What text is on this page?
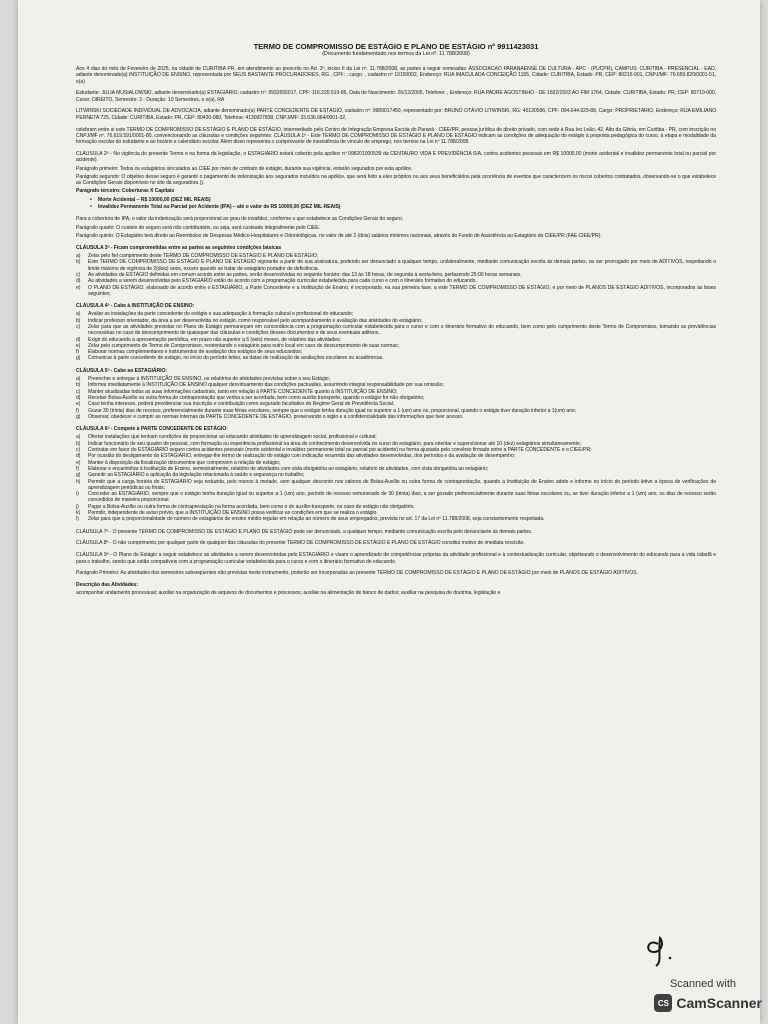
TERMO DE COMPROMISSO DE ESTÁGIO E PLANO DE ESTÁGIO nº 9911423031

(Documento fundamentado nos termos da Lei nº. 11.788/2008)

Aos 4 dias do mês de Fevereiro de 2025, na cidade de CURITIBA PR, em atendimento ao prescrito no Art. 3º, inciso II da Lei nº. 11.788/2008, as partes a seguir nomeadas: ASSOCIACAO PARANAENSE DE CULTURA - APC - (PUCPR), CAMPUS: CURITIBA - PRESENCIAL - EAD, adiante denominado(a) INSTITUIÇÃO DE ENSINO, representada por SEUS BASTANTE PROCURADORES, RG , CPF: , cargo: , cadastro nº 10150002, Endereço: RUA IMACULADA CONCEIÇÃO 1155, Cidade: CURITIBA, Estado: PR, CEP: 80215-901, CNPJ/MF: 76.659.820/0001-51, e(a)

Estudante: JULIA MUSIALOWSKI, adiante denominado(a) ESTAGIÁRIO, cadastro nº: 9932655017, CPF: 116.220.519-86, Data de Nascimento: 26/12/2005, Telefone: , Endereço: RUA PADRE AGOSTINHO - DE 1502/1503 AO FIM 1764, Cidade: CURITIBA, Estado: PR, CEP: 80710-000, Curso: DIREITO, Semestre: 3 - Duração: 10 Semestres, e o(a), RA

LITWINSKI SOCIEDADE INDIVIDUAL DE ADVOCACIA, adiante denominado(a) PARTE CONCEDENTE DE ESTÁGIO, cadastro nº: 9989017450, representado por: BRUNO OTÁVIO LITWINSKI, RG: 46130596, CPF: 004.644.929-88, Cargo: PROPRIETÁRIO, Endereço: RUA EMILIANO PERNETA 725, Cidade: CURITIBA, Estado: PR, CEP: 80420-080, Telefone: 4130927838, CNPJ/MF: 33.636.064/0001-32,

celebram entre si este TERMO DE COMPROMISSO DE ESTÁGIO E PLANO DE ESTÁGIO, intermediado pelo Centro de Integração Empresa Escola do Paraná - CIEE/PR, pessoa jurídica de direito privado, com sede à Rua Ivo Leão, 42, Alto da Glória, em Curitiba - PR, com inscrição no CNPJ/MF nº. 76.619.591/0001-80, convencionando as cláusulas e condições seguintes: CLÁUSULA 1ª - Este TERMO DE COMPROMISSO DE ESTÁGIO E PLANO DE ESTÁGIO indicam as condições de adequação do estágio à proposta pedagógica do curso, à etapa e modalidade da formação escolar do estudante e ao horário e calendário escolar. Além disso representa o comprovante de inexistência de vínculo de emprego, nos termos na Lei nº 11.788/2008.

CLÁUSULA 2ª - No vigência do presente Termo e na forma da legislação, o ESTAGIÁRIO estará coberto pela apólice nº 098201000539 da CENTAURO VIDA E PREVIDÊNCIA S/A, contra acidentes pessoais em R$ 10000,00 (morte acidental e invalidez permanente total ou parcial por acidente).

Parágrafo primeiro: Todos os estagiários vinculados ao CIEE por meio de contrato de estágio, durante sua vigência, estarão segurados por esta apólice.

Parágrafo segundo: O objetivo desse seguro é garantir o pagamento de indenização aos segurados incluídos na apólice, que será feito a eles próprios ou aos seus beneficiários pela ocorrência de eventos que caracterizem os riscos cobertos contratados, observando-se o que estabelece as Condições Gerais disponíveis no site da seguradora ().

Parágrafo terceiro: Coberturas X Capitais

•	Morte Acidental – R$ 10000,00 (DEZ MIL REAIS)
•	Invalidez Permanente Total ou Parcial por Acidente (IPA) – até o valor de R$ 10000,00 (DEZ MIL REAIS)

Para a cobertura de IPA, o valor da indenização será proporcional ao grau de invalidez, conforme o que estabelece as Condições Gerais do seguro.

Parágrafo quarto: O custeio do seguro será não contributário, ou seja, será custeado integralmente pelo CIEE.

Parágrafo quinto: O Estagiário terá direito ao Reembolso de Despesas Médico-Hospitalares e Odontológicas, no valor de até 2 (dois) salários mínimos nacionais, através do Fundo de Assistência ao Estagiário do CIEE/PR (FAE CIEE/PR).

CLÁUSULA 3ª - Ficam comprometidas entre as partes as seguintes condições básicas

a)	Zelar pelo fiel cumprimento deste TERMO DE COMPROMISSO DE ESTÁGIO E PLANO DE ESTÁGIO;
b)	Este TERMO DE COMPROMISSO DE ESTÁGIO E PLANO DE ESTÁGIO vigorarão a partir de sua assinatura, podendo ser denunciado a qualquer tempo, unilateralmente, mediante comunicação escrita às demais partes, ou ser prorrogado por meio de ADITIVOS, respeitando o limite máximo de vigência de 2(dois) anos, exceto quando se tratar de estagiário portador de deficiência.
c)	As atividades de ESTÁGIO definidas em comum acordo entre as partes, serão desenvolvidas no seguinte horário: das 13 às 18 horas, de segunda à sexta-feira, perfazendo 25:00 horas semanais.
d)	As atividades a serem desenvolvidas pelo ESTAGIÁRIO estão de acordo com a programação curricular estabelecida para cada curso e com o itinerário formativo do educando.
e)	O PLANO DE ESTÁGIO, elaborado de acordo entre o ESTAGIÁRIO, a Parte Concedente e a Instituição de Ensino, é incorporado, na sua primeira fase, a este TERMO DE COMPROMISSO DE ESTÁGIO, e por meio de PLANOS DE ESTÁGIO ADITIVOS, incorporados às fases seguintes;

CLÁUSULA 4ª - Cabe à INSTITUIÇÃO DE ENSINO:

a)	Avaliar as instalações da parte concedente do estágio e sua adequação à formação cultural e profissional do educando;
b)	Indicar professor orientador, da área a ser desenvolvida no estágio, como responsável pelo acompanhamento e avaliação das atividades do estagiário;
c)	Zelar para que as atividades previstas no Plano de Estágio permaneçam em concordância com a programação curricular estabelecida para o curso e com o itinerário formativo do educando, bem como pelo cumprimento deste Termo de Compromisso, tomando as providências necessárias no caso de descumprimento de quaisquer das cláusulas e condições desses documentos e de seus eventuais aditivos.
d)	Exigir do educando a apresentação periódica, em prazo não superior a 6 (seis) meses, de relatório das atividades;
e)	Zelar pelo cumprimento do Termo de Compromisso, reorientando o estagiário para outro local em caso de descumprimento de suas normas;
f)	Elaborar normas complementares e instrumentos de avaliação dos estágios de seus educandos;
g)	Comunicar à parte concedente de estágio, no início do período letivo, as datas de realização de avaliações escolares ou acadêmicas.

CLÁUSULA 5ª - Cabe ao ESTAGIÁRIO:

a)	Preencher e entregar à INSTITUIÇÃO DE ENSINO, os relatórios de atividades previstas sobre o seu Estágio;
b)	Informar imediatamente à INSTITUIÇÃO DE ENSINO qualquer desvirtuamento das condições pactuadas, assumindo integral responsabilidade por sua omissão;
c)	Manter atualizadas todas as suas informações cadastrais, tanto em relação à PARTE CONCEDENTE quanto à INSTITUIÇÃO DE ENSINO;
d)	Receber Bolsa-Auxílio ou outra forma de contraprestação que venha a ser acordada, bem como auxílio transporte, quando o estágio for não obrigatório;
e)	Caso tenha interesse, poderá providenciar sua inscrição e contribuição como segurado facultativo do Regime Geral de Previdência Social;
f)	Gozar 30 (trinta) dias de recesso, preferencialmente durante suas férias escolares, sempre que o estágio tenha duração igual ou superior a 1 (um) ano ou, proporcional, quando o estágio tiver duração inferior a 1(um) ano;
g)	Observar, obedecer e cumprir as normas internas da PARTE CONCEDENTE DE ESTÁGIO, preservando o sigilo e a confidencialidade das informações que tiver acesso.

CLÁUSULA 6ª - Compete à PARTE CONCEDENTE DE ESTÁGIO:

a)	Ofertar instalações que tenham condições de proporcionar ao educando atividades de aprendizagem social, profissional e cultural;
b)	Indicar funcionário de seu quadro de pessoal, com formação ou experiência profissional na área de conhecimento desenvolvida no curso do estagiário, para orientar e supervisionar até 10 (dez) estagiários simultaneamente;
c)	Contratar em favor do ESTAGIÁRIO seguro contra acidentes pessoais (morte acidental e invalidez permanente total ou parcial por acidente) na forma ajustada pelo convênio firmado entre a PARTE CONCEDENTE e o CIEE/PR;
d)	Por ocasião do desligamento do ESTAGIÁRIO, entregar-lhe termo de realização do estágio com indicação resumida das atividades desenvolvidas, dos períodos e da avaliação de desempenho;
e)	Manter à disposição da fiscalização documentos que comprovem a relação de estágio;
f)	Elaborar e encaminhar à Instituição de Ensino, semestralmente, relatório de atividades com vista obrigatória ao estagiário, relatório de atividades, com vista obrigatória ao estagiário;
g)	Garantir ao ESTAGIÁRIO a aplicação da legislação relacionada à saúde e segurança no trabalho;
h)	Permitir que a carga horária do ESTAGIÁRIO seja reduzida, pelo menos à metade, sem qualquer desconto nos valores de Bolsa-Auxílio ou outra forma de contraprestação, quando a Instituição de Ensino adote e informe no início do período letivo a época de verificações de aprendizagem periódicas ou finais;
i)	Conceder ao ESTAGIÁRIO, sempre que o estágio tenha duração igual ou superior a 1 (um) ano, período de recesso remunerado de 30 (trinta) dias, a ser gozado preferencialmente durante suas férias escolares ou, se tiver duração inferior a 1 (um) ano, os dias de recesso serão concedidos de maneira proporcional.
j)	Pagar a Bolsa-Auxílio ou outra forma de contraprestação na forma acordada, bem como o do auxílio-transporte, no caso de estágio não obrigatório.
k)	Permitir, independente de aviso prévio, que a INSTITUIÇÃO DE ENSINO possa verificar as condições em que se realiza o estágio.
l)	Zelar para que a proporcionalidade do número de estagiários de ensino médio regular em relação ao número de seus empregados, prevista no art. 17 da Lei nº 11.788/2008, seja constantemente respeitada.

CLÁUSULA 7ª - O presente TERMO DE COMPROMISSO DE ESTÁGIO E PLANO DE ESTÁGIO pode ser denunciado, a qualquer tempo, mediante comunicação escrita pelo denunciante às demais partes.

CLÁUSULA 8ª - O não cumprimento por qualquer parte de qualquer das cláusulas do presente TERMO DE COMPROMISSO DE ESTÁGIO E PLANO DE ESTÁGIO constitui motivo de imediata rescisão.

CLÁUSULA 9ª - O Plano de Estágio a seguir estabelece as atividades a serem desenvolvidas pelo ESTAGIÁRIO e visam o aprendizado de competências próprias da atividade profissional e à contextualização curricular, objetivando o desenvolvimento do educando para a vida cidadã e para o trabalho, sendo que estão compatíveis com a programação curricular estabelecida para o curso e com o itinerário formativo do educando.

Parágrafo Primeiro: As atividades dos semestres subseqüentes não previstas neste instrumento, poderão ser incorporadas ao presente TERMO DE COMPROMISSO DE ESTÁGIO E PLANO DE ESTÁGIO por meio de PLANOS DE ESTÁGIO ADITIVOS.

Descrição das Atividades:

acompanhar andamento processual; auxiliar na organização de arquivos de documentos e processos; auxiliar na alimentação de banco de dados; auxiliar na pesquisa de doutrina, legislação e

Scanned with
CS CamScanner
